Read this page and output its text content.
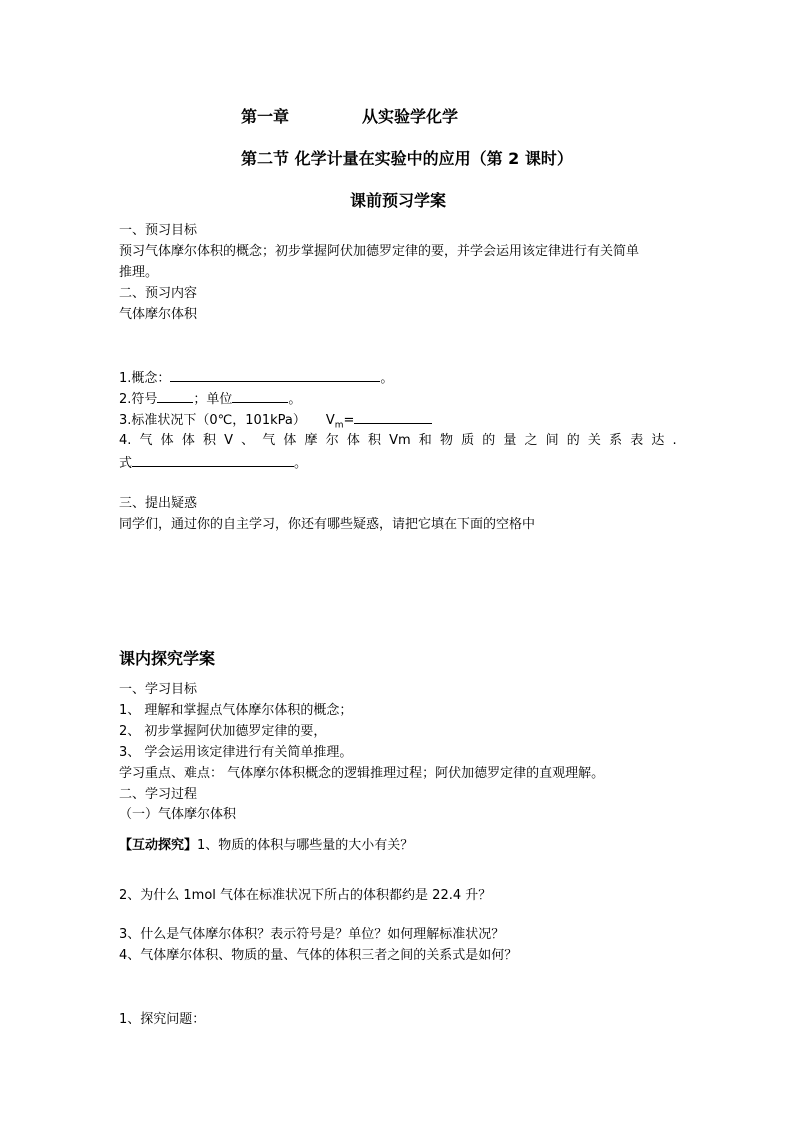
第一章	从实验学化学
第二节 化学计量在实验中的应用（第 2 课时）
课前预习学案
一、预习目标
预习气体摩尔体积的概念；初步掌握阿伏加德罗定律的要，并学会运用该定律进行有关简单
推理。
二、预习内容
气体摩尔体积
1.概念：	。
2.符号	；单位	。
3.标准状况下（0℃，101kPa） $V_m=$
4. 气 体 体 积 V 、 气 体 摩 尔 体 积 Vm 和 物 质 的 量 之 间 的 关 系 表 达 .
式	。
三、提出疑惑
同学们，通过你的自主学习，你还有哪些疑惑，请把它填在下面的空格中
课内探究学案
一、学习目标
1、 理解和掌握点气体摩尔体积的概念；
2、 初步掌握阿伏加德罗定律的要，
3、 学会运用该定律进行有关简单推理。
学习重点、难点： 气体摩尔体积概念的逻辑推理过程；阿伏加德罗定律的直观理解。
二、学习过程
（一）气体摩尔体积
【互动探究】1、物质的体积与哪些量的大小有关？
2、为什么 1mol 气体在标准状况下所占的体积都约是 22.4 升？
3、什么是气体摩尔体积？表示符号是？单位？如何理解标准状况？
4、气体摩尔体积、物质的量、气体的体积三者之间的关系式是如何？
1、探究问题：
